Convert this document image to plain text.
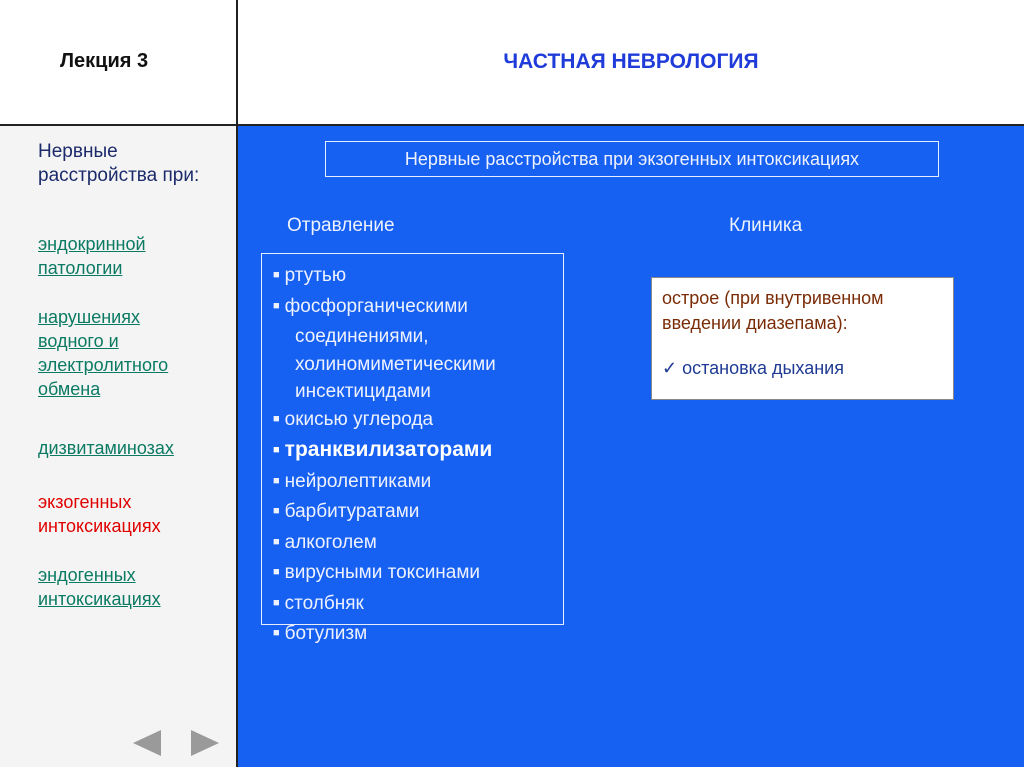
Лекция 3	ЧАСТНАЯ НЕВРОЛОГИЯ
Нервные расстройства при:
эндокринной
патологии
нарушениях
водного и
электролитного
обмена
дизвитаминозах
экзогенных
интоксикациях
эндогенных
интоксикациях
Нервные расстройства при экзогенных интоксикациях
Отравление	Клиника
■ ртутью
■ фосфорганическими
соединениями,
холиномиметическими
инсектицидами
■ окисью углерода
■ транквилизаторами
■ нейролептиками
■ барбитуратами
■ алкоголем
■ вирусными токсинами
■ столбняк
■ ботулизм
острое (при внутривенном введении диазепама):
✓ остановка дыхания
